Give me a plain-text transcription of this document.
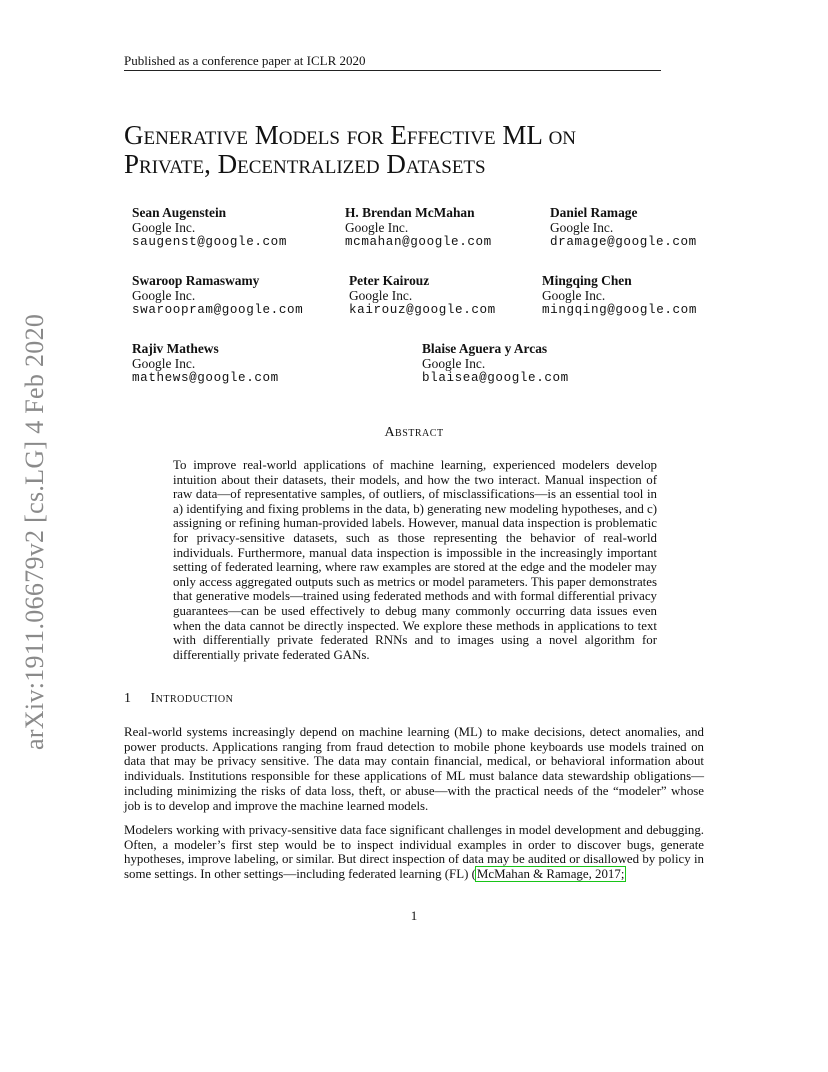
Published as a conference paper at ICLR 2020
arXiv:1911.06679v2 [cs.LG] 4 Feb 2020
Generative Models for Effective ML on
Private, Decentralized Datasets
Sean Augenstein
Google Inc.
saugenst@google.com
H. Brendan McMahan
Google Inc.
mcmahan@google.com
Daniel Ramage
Google Inc.
dramage@google.com
Swaroop Ramaswamy
Google Inc.
swaroopram@google.com
Peter Kairouz
Google Inc.
kairouz@google.com
Mingqing Chen
Google Inc.
mingqing@google.com
Rajiv Mathews
Google Inc.
mathews@google.com
Blaise Aguera y Arcas
Google Inc.
blaisea@google.com
Abstract

To improve real-world applications of machine learning, experienced modelers develop intuition about their datasets, their models, and how the two interact. Manual inspection of raw data—of representative samples, of outliers, of misclassifications—is an essential tool in a) identifying and fixing problems in the data, b) generating new modeling hypotheses, and c) assigning or refining human-provided labels. However, manual data inspection is problematic for privacy-sensitive datasets, such as those representing the behavior of real-world individuals. Furthermore, manual data inspection is impossible in the increasingly important setting of federated learning, where raw examples are stored at the edge and the modeler may only access aggregated outputs such as metrics or model parameters. This paper demonstrates that generative models—trained using federated methods and with formal differential privacy guarantees—can be used effectively to debug many commonly occurring data issues even when the data cannot be directly inspected. We explore these methods in applications to text with differentially private federated RNNs and to images using a novel algorithm for differentially private federated GANs.

1 Introduction

Real-world systems increasingly depend on machine learning (ML) to make decisions, detect anomalies, and power products. Applications ranging from fraud detection to mobile phone keyboards use models trained on data that may be privacy sensitive. The data may contain financial, medical, or behavioral information about individuals. Institutions responsible for these applications of ML must balance data stewardship obligations—including minimizing the risks of data loss, theft, or abuse—with the practical needs of the “modeler” whose job is to develop and improve the machine learned models.

Modelers working with privacy-sensitive data face significant challenges in model development and debugging. Often, a modeler’s first step would be to inspect individual examples in order to discover bugs, generate hypotheses, improve labeling, or similar. But direct inspection of data may be audited or disallowed by policy in some settings. In other settings—including federated learning (FL) (McMahan & Ramage, 2017;

1
